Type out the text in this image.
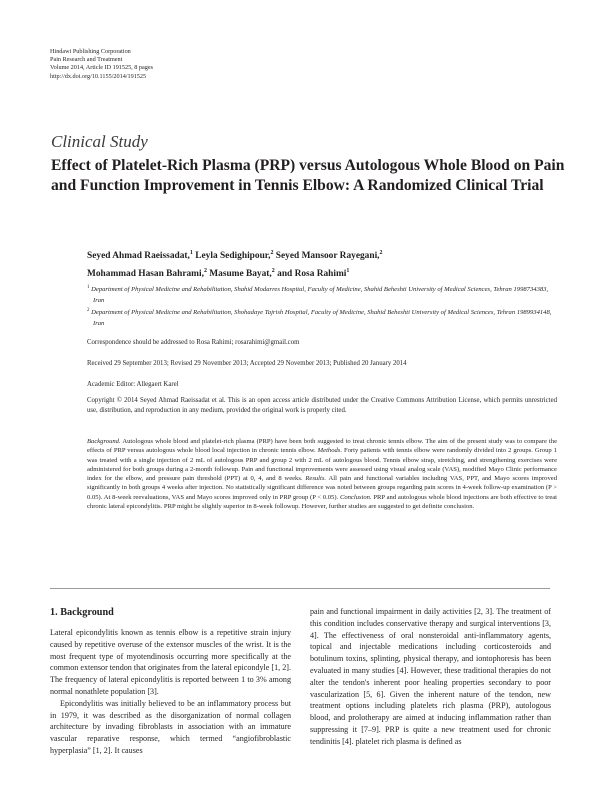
Hindawi Publishing Corporation
Pain Research and Treatment
Volume 2014, Article ID 191525, 8 pages
http://dx.doi.org/10.1155/2014/191525
Clinical Study
Effect of Platelet-Rich Plasma (PRP) versus Autologous Whole Blood on Pain and Function Improvement in Tennis Elbow: A Randomized Clinical Trial
Seyed Ahmad Raeissadat,$^1$ Leyla Sedighipour,$^2$ Seyed Mansoor Rayegani,$^2$
Mohammad Hasan Bahrami,$^2$ Masume Bayat,$^2$ and Rosa Rahimi$^1$
$^1$ Department of Physical Medicine and Rehabilitation, Shahid Modarres Hospital, Faculty of Medicine, Shahid Beheshti University of Medical Sciences, Tehran 1998734383, Iran
$^2$ Department of Physical Medicine and Rehabilitation, Shohadaye Tajrish Hospital, Faculty of Medicine, Shahid Beheshti University of Medical Sciences, Tehran 1989934148, Iran
Correspondence should be addressed to Rosa Rahimi; rosarahimi@gmail.com
Received 29 September 2013; Revised 29 November 2013; Accepted 29 November 2013; Published 20 January 2014
Academic Editor: Allegaert Karel
Copyright © 2014 Seyed Ahmad Raeissadat et al. This is an open access article distributed under the Creative Commons Attribution License, which permits unrestricted use, distribution, and reproduction in any medium, provided the original work is properly cited.
Background. Autologous whole blood and platelet-rich plasma (PRP) have been both suggested to treat chronic tennis elbow. The aim of the present study was to compare the effects of PRP versus autologous whole blood local injection in chronic tennis elbow. Methods. Forty patients with tennis elbow were randomly divided into 2 groups. Group 1 was treated with a single injection of 2 mL of autologous PRP and group 2 with 2 mL of autologous blood. Tennis elbow strap, stretching, and strengthening exercises were administered for both groups during a 2-month followup. Pain and functional improvements were assessed using visual analog scale (VAS), modified Mayo Clinic performance index for the elbow, and pressure pain threshold (PPT) at 0, 4, and 8 weeks. Results. All pain and functional variables including VAS, PPT, and Mayo scores improved significantly in both groups 4 weeks after injection. No statistically significant difference was noted between groups regarding pain scores in 4-week follow-up examination (P > 0.05). At 8-week reevaluations, VAS and Mayo scores improved only in PRP group (P < 0.05). Conclusion. PRP and autologous whole blood injections are both effective to treat chronic lateral epicondylitis. PRP might be slightly superior in 8-week followup. However, further studies are suggested to get definite conclusion.
1. Background

Lateral epicondylitis known as tennis elbow is a repetitive strain injury caused by repetitive overuse of the extensor muscles of the wrist. It is the most frequent type of myotendinosis occurring more specifically at the common extensor tendon that originates from the lateral epicondyle [1, 2]. The frequency of lateral epicondylitis is reported between 1 to 3% among normal nonathlete population [3].

Epicondylitis was initially believed to be an inflammatory process but in 1979, it was described as the disorganization of normal collagen architecture by invading fibroblasts in association with an immature vascular reparative response, which termed “angiofibroblastic hyperplasia” [1, 2]. It causes

pain and functional impairment in daily activities [2, 3]. The treatment of this condition includes conservative therapy and surgical interventions [3, 4]. The effectiveness of oral nonsteroidal anti-inflammatory agents, topical and injectable medications including corticosteroids and botulinum toxins, splinting, physical therapy, and iontophoresis has been evaluated in many studies [4]. However, these traditional therapies do not alter the tendon's inherent poor healing properties secondary to poor vascularization [5, 6]. Given the inherent nature of the tendon, new treatment options including platelets rich plasma (PRP), autologous blood, and prolotherapy are aimed at inducing inflammation rather than suppressing it [7–9]. PRP is quite a new treatment used for chronic tendinitis [4]. platelet rich plasma is defined as
